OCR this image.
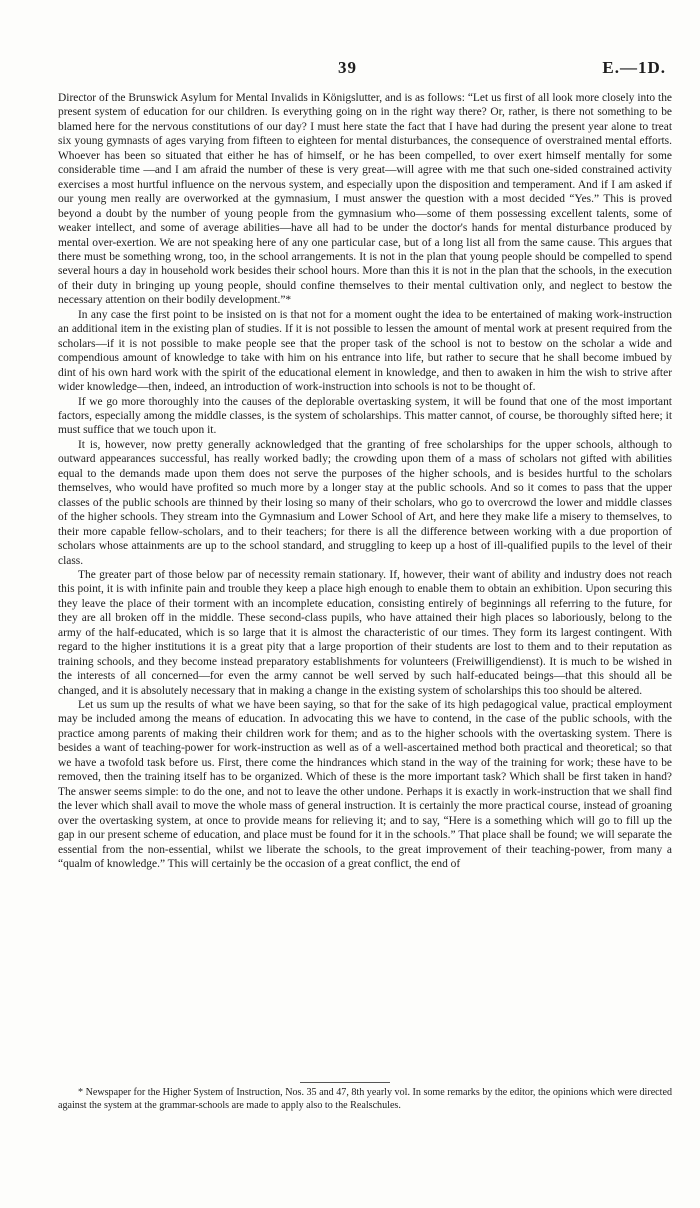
39	E.—1D.

Director of the Brunswick Asylum for Mental Invalids in Königslutter, and is as follows: “Let us first of all look more closely into the present system of education for our children. Is everything going on in the right way there? Or, rather, is there not something to be blamed here for the nervous constitutions of our day? I must here state the fact that I have had during the present year alone to treat six young gymnasts of ages varying from fifteen to eighteen for mental disturbances, the consequence of overstrained mental efforts. Whoever has been so situated that either he has of himself, or he has been compelled, to over exert himself mentally for some considerable time —and I am afraid the number of these is very great—will agree with me that such one-sided constrained activity exercises a most hurtful influence on the nervous system, and especially upon the disposition and temperament. And if I am asked if our young men really are overworked at the gymnasium, I must answer the question with a most decided “Yes.” This is proved beyond a doubt by the number of young people from the gymnasium who—some of them possessing excellent talents, some of weaker intellect, and some of average abilities—have all had to be under the doctor's hands for mental disturbance produced by mental over-exertion. We are not speaking here of any one particular case, but of a long list all from the same cause. This argues that there must be something wrong, too, in the school arrangements. It is not in the plan that young people should be compelled to spend several hours a day in household work besides their school hours. More than this it is not in the plan that the schools, in the execution of their duty in bringing up young people, should confine themselves to their mental cultivation only, and neglect to bestow the necessary attention on their bodily development.”*

In any case the first point to be insisted on is that not for a moment ought the idea to be entertained of making work-instruction an additional item in the existing plan of studies. If it is not possible to lessen the amount of mental work at present required from the scholars—if it is not possible to make people see that the proper task of the school is not to bestow on the scholar a wide and compendious amount of knowledge to take with him on his entrance into life, but rather to secure that he shall become imbued by dint of his own hard work with the spirit of the educational element in knowledge, and then to awaken in him the wish to strive after wider knowledge—then, indeed, an introduction of work-instruction into schools is not to be thought of.

If we go more thoroughly into the causes of the deplorable overtasking system, it will be found that one of the most important factors, especially among the middle classes, is the system of scholarships. This matter cannot, of course, be thoroughly sifted here; it must suffice that we touch upon it.

It is, however, now pretty generally acknowledged that the granting of free scholarships for the upper schools, although to outward appearances successful, has really worked badly; the crowding upon them of a mass of scholars not gifted with abilities equal to the demands made upon them does not serve the purposes of the higher schools, and is besides hurtful to the scholars themselves, who would have profited so much more by a longer stay at the public schools. And so it comes to pass that the upper classes of the public schools are thinned by their losing so many of their scholars, who go to overcrowd the lower and middle classes of the higher schools. They stream into the Gymnasium and Lower School of Art, and here they make life a misery to themselves, to their more capable fellow-scholars, and to their teachers; for there is all the difference between working with a due proportion of scholars whose attainments are up to the school standard, and struggling to keep up a host of ill-qualified pupils to the level of their class.

The greater part of those below par of necessity remain stationary. If, however, their want of ability and industry does not reach this point, it is with infinite pain and trouble they keep a place high enough to enable them to obtain an exhibition. Upon securing this they leave the place of their torment with an incomplete education, consisting entirely of beginnings all referring to the future, for they are all broken off in the middle. These second-class pupils, who have attained their high places so laboriously, belong to the army of the half-educated, which is so large that it is almost the characteristic of our times. They form its largest contingent. With regard to the higher institutions it is a great pity that a large proportion of their students are lost to them and to their reputation as training schools, and they become instead preparatory establishments for volunteers (Freiwilligendienst). It is much to be wished in the interests of all concerned—for even the army cannot be well served by such half-educated beings—that this should all be changed, and it is absolutely necessary that in making a change in the existing system of scholarships this too should be altered.

Let us sum up the results of what we have been saying, so that for the sake of its high pedagogical value, practical employment may be included among the means of education. In advocating this we have to contend, in the case of the public schools, with the practice among parents of making their children work for them; and as to the higher schools with the overtasking system. There is besides a want of teaching-power for work-instruction as well as of a well-ascertained method both practical and theoretical; so that we have a twofold task before us. First, there come the hindrances which stand in the way of the training for work; these have to be removed, then the training itself has to be organized. Which of these is the more important task? Which shall be first taken in hand? The answer seems simple: to do the one, and not to leave the other undone. Perhaps it is exactly in work-instruction that we shall find the lever which shall avail to move the whole mass of general instruction. It is certainly the more practical course, instead of groaning over the overtasking system, at once to provide means for relieving it; and to say, “Here is a something which will go to fill up the gap in our present scheme of education, and place must be found for it in the schools.” That place shall be found; we will separate the essential from the non-essential, whilst we liberate the schools, to the great improvement of their teaching-power, from many a “qualm of knowledge.” This will certainly be the occasion of a great conflict, the end of

* Newspaper for the Higher System of Instruction, Nos. 35 and 47, 8th yearly vol. In some remarks by the editor, the opinions which were directed against the system at the grammar-schools are made to apply also to the Realschules.
